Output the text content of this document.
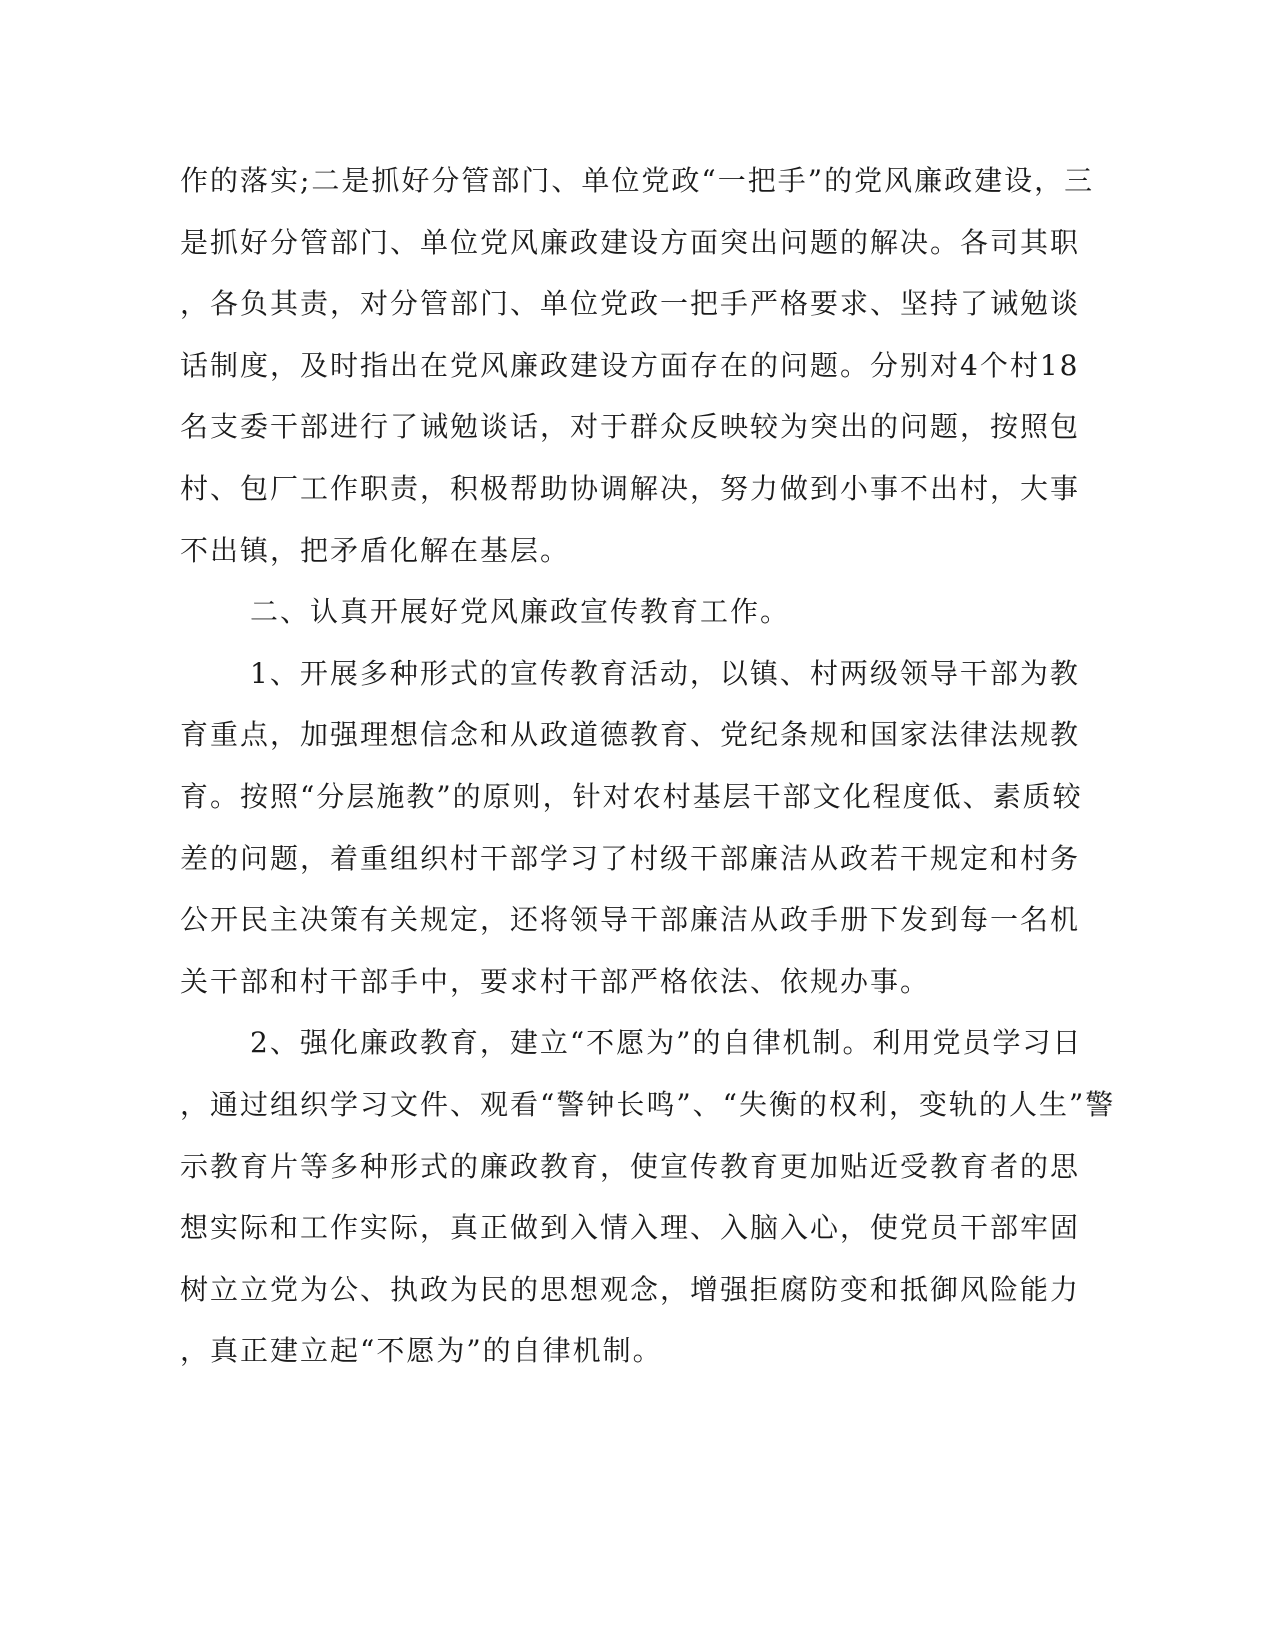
作的落实;二是抓好分管部门、单位党政“一把手”的党风廉政建设，三
是抓好分管部门、单位党风廉政建设方面突出问题的解决。各司其职
，各负其责，对分管部门、单位党政一把手严格要求、坚持了诫勉谈
话制度，及时指出在党风廉政建设方面存在的问题。分别对4个村18
名支委干部进行了诫勉谈话，对于群众反映较为突出的问题，按照包
村、包厂工作职责，积极帮助协调解决，努力做到小事不出村，大事
不出镇，把矛盾化解在基层。
二、认真开展好党风廉政宣传教育工作。
1、开展多种形式的宣传教育活动，以镇、村两级领导干部为教
育重点，加强理想信念和从政道德教育、党纪条规和国家法律法规教
育。按照“分层施教”的原则，针对农村基层干部文化程度低、素质较
差的问题，着重组织村干部学习了村级干部廉洁从政若干规定和村务
公开民主决策有关规定，还将领导干部廉洁从政手册下发到每一名机
关干部和村干部手中，要求村干部严格依法、依规办事。
2、强化廉政教育，建立“不愿为”的自律机制。利用党员学习日
，通过组织学习文件、观看“警钟长鸣”、“失衡的权利，变轨的人生”警
示教育片等多种形式的廉政教育，使宣传教育更加贴近受教育者的思
想实际和工作实际，真正做到入情入理、入脑入心，使党员干部牢固
树立立党为公、执政为民的思想观念，增强拒腐防变和抵御风险能力
，真正建立起“不愿为”的自律机制。
